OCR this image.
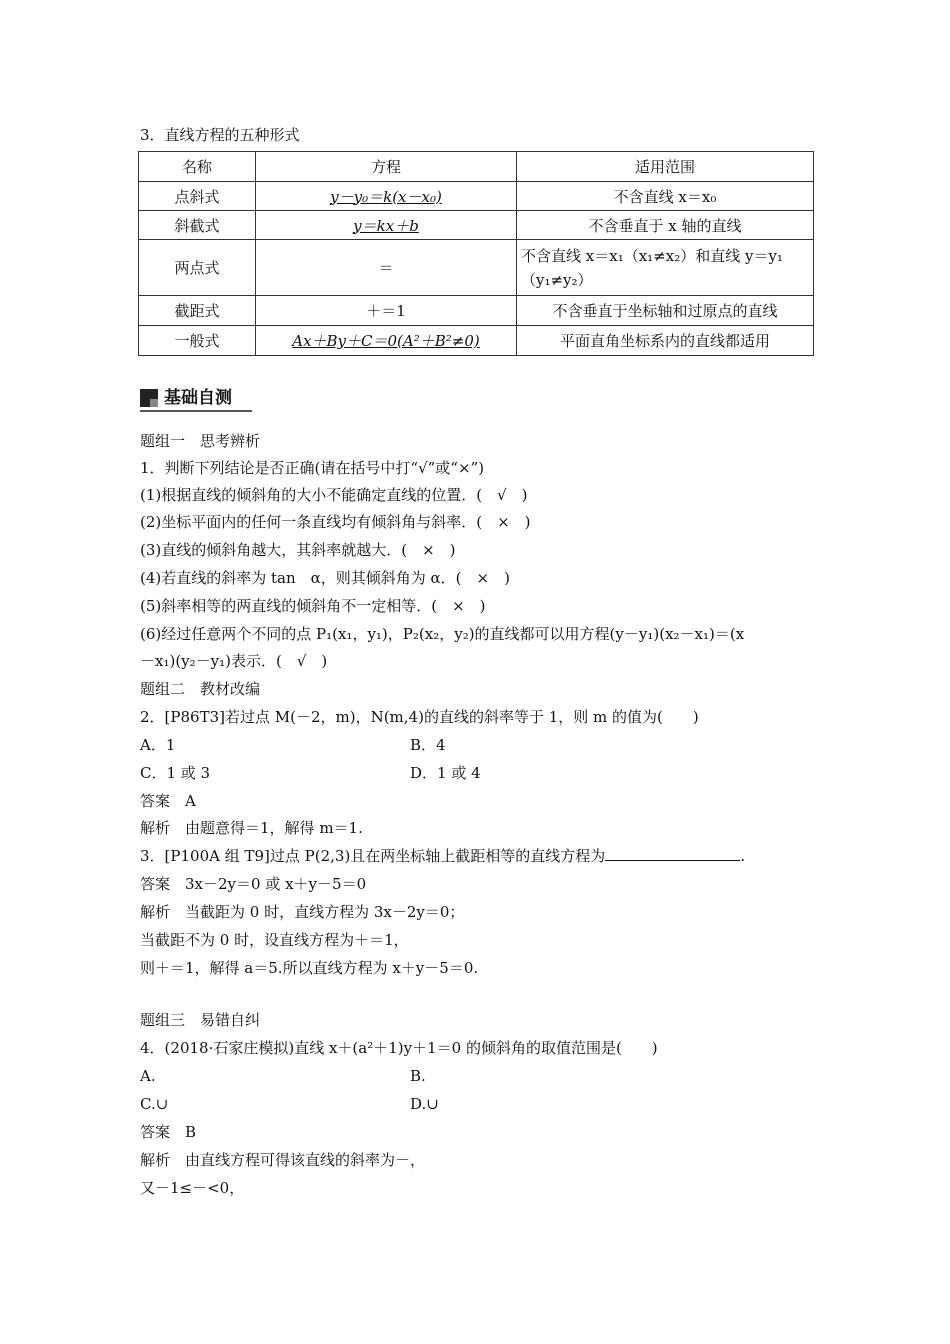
3．直线方程的五种形式
名称	方程	适用范围
点斜式	y－y₀＝k(x－x₀)	不含直线 x＝x₀
斜截式	y＝kx＋b	不含垂直于 x 轴的直线
两点式	＝	不含直线 x＝x₁（x₁≠x₂）和直线 y＝y₁（y₁≠y₂）
截距式	＋＝1	不含垂直于坐标轴和过原点的直线
一般式	Ax＋By＋C＝0(A²＋B²≠0)	平面直角坐标系内的直线都适用
基础自测
题组一　思考辨析
1．判断下列结论是否正确(请在括号中打“√”或“×”)
(1)根据直线的倾斜角的大小不能确定直线的位置．(　√　)
(2)坐标平面内的任何一条直线均有倾斜角与斜率．(　×　)
(3)直线的倾斜角越大，其斜率就越大．(　×　)
(4)若直线的斜率为 tan　α，则其倾斜角为 α．(　×　)
(5)斜率相等的两直线的倾斜角不一定相等．(　×　)
(6)经过任意两个不同的点 P₁(x₁，y₁)，P₂(x₂，y₂)的直线都可以用方程(y－y₁)(x₂－x₁)＝(x
－x₁)(y₂－y₁)表示．(　√　)
题组二　教材改编
2．[P86T3]若过点 M(－2，m)，N(m,4)的直线的斜率等于 1，则 m 的值为(　　)
A．1	B．4
C．1 或 3	D．1 或 4
答案　A
解析　由题意得＝1，解得 m＝1.
3．[P100A 组 T9]过点 P(2,3)且在两坐标轴上截距相等的直线方程为	.
答案　3x－2y＝0 或 x＋y－5＝0
解析　当截距为 0 时，直线方程为 3x－2y＝0；
当截距不为 0 时，设直线方程为＋＝1，
则＋＝1，解得 a＝5.所以直线方程为 x＋y－5＝0.
题组三　易错自纠
4．(2018·石家庄模拟)直线 x＋(a²＋1)y＋1＝0 的倾斜角的取值范围是(　　)
A.	B.
C.∪	D.∪
答案　B
解析　由直线方程可得该直线的斜率为－，
又－1≤－<0，
